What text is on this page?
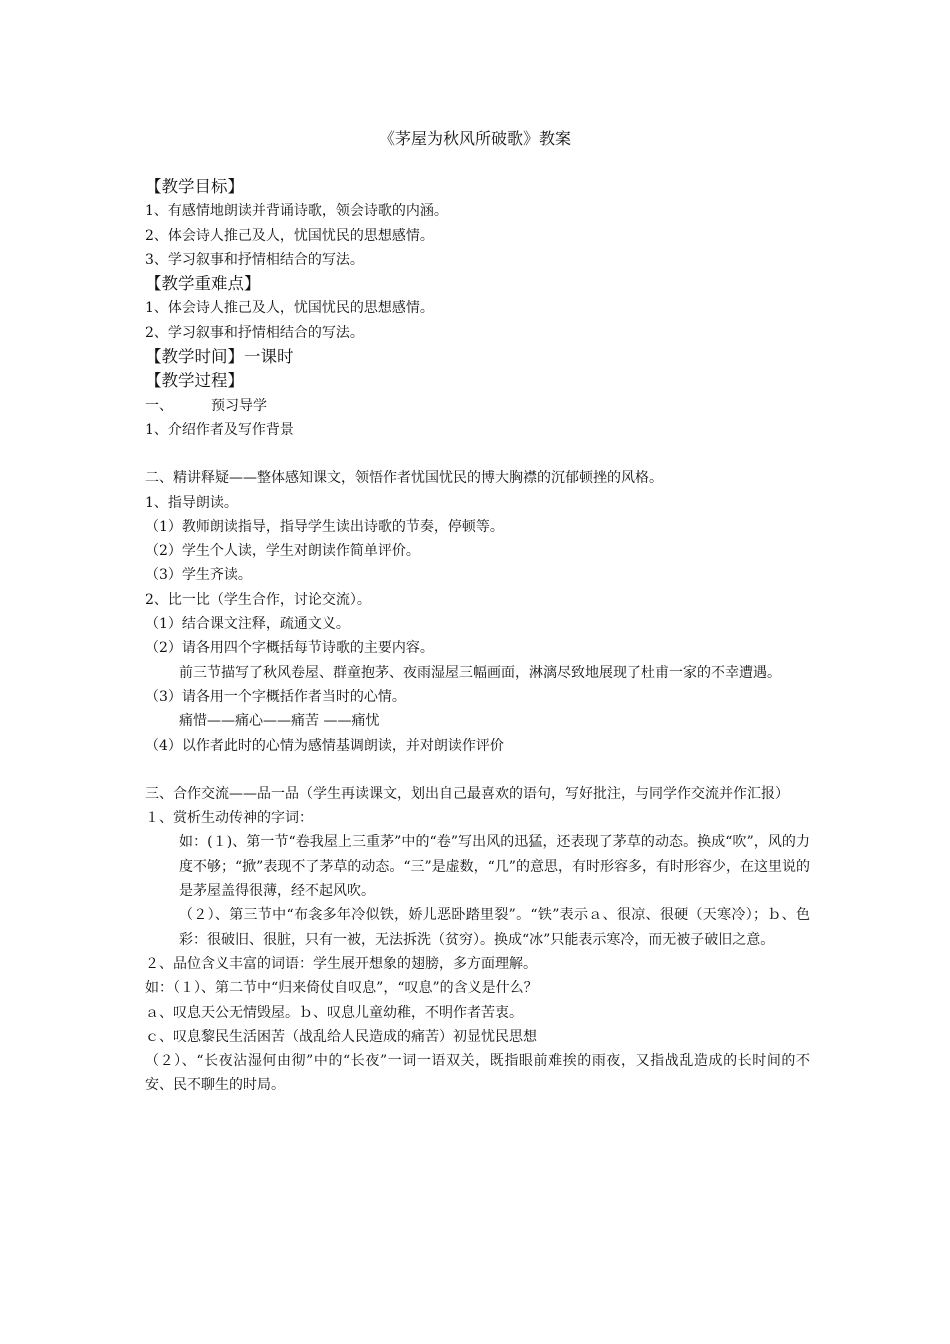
《茅屋为秋风所破歌》教案

【教学目标】

1、有感情地朗读并背诵诗歌，领会诗歌的内涵。

2、体会诗人推己及人，忧国忧民的思想感情。

3、学习叙事和抒情相结合的写法。

【教学重难点】

1、体会诗人推己及人，忧国忧民的思想感情。

2、学习叙事和抒情相结合的写法。

【教学时间】一课时

【教学过程】

一、	预习导学

1、介绍作者及写作背景

二、精讲释疑——整体感知课文，领悟作者忧国忧民的博大胸襟的沉郁顿挫的风格。

1、指导朗读。

（1）教师朗读指导，指导学生读出诗歌的节奏，停顿等。

（2）学生个人读，学生对朗读作简单评价。

（3）学生齐读。

2、比一比（学生合作，讨论交流）。

（1）结合课文注释，疏通文义。

（2）请各用四个字概括每节诗歌的主要内容。

前三节描写了秋风卷屋、群童抱茅、夜雨湿屋三幅画面，淋漓尽致地展现了杜甫一家的不幸遭遇。

（3）请各用一个字概括作者当时的心情。

痛惜——痛心——痛苦 ——痛忧

（4）以作者此时的心情为感情基调朗读，并对朗读作评价

三、合作交流——品一品（学生再读课文，划出自己最喜欢的语句，写好批注，与同学作交流并作汇报）

１、赏析生动传神的字词：

如：(１)、第一节“卷我屋上三重茅”中的“卷”写出风的迅猛，还表现了茅草的动态。换成“吹”，风的力度不够；“掀”表现不了茅草的动态。“三”是虚数，“几”的意思，有时形容多，有时形容少，在这里说的是茅屋盖得很薄，经不起风吹。

（２）、第三节中“布衾多年冷似铁，娇儿恶卧踏里裂”。“铁”表示ａ、很凉、很硬（天寒冷）；ｂ、色彩：很破旧、很脏，只有一被，无法拆洗（贫穷）。换成“冰”只能表示寒冷，而无被子破旧之意。

２、品位含义丰富的词语：学生展开想象的翅膀，多方面理解。

如：（１）、第二节中“归来倚仗自叹息”，“叹息”的含义是什么？

ａ、叹息天公无情毁屋。ｂ、叹息儿童幼稚，不明作者苦衷。

ｃ、叹息黎民生活困苦（战乱给人民造成的痛苦）初显忧民思想

（２）、“长夜沾湿何由彻”中的“长夜”一词一语双关，既指眼前难挨的雨夜，又指战乱造成的长时间的不安、民不聊生的时局。
